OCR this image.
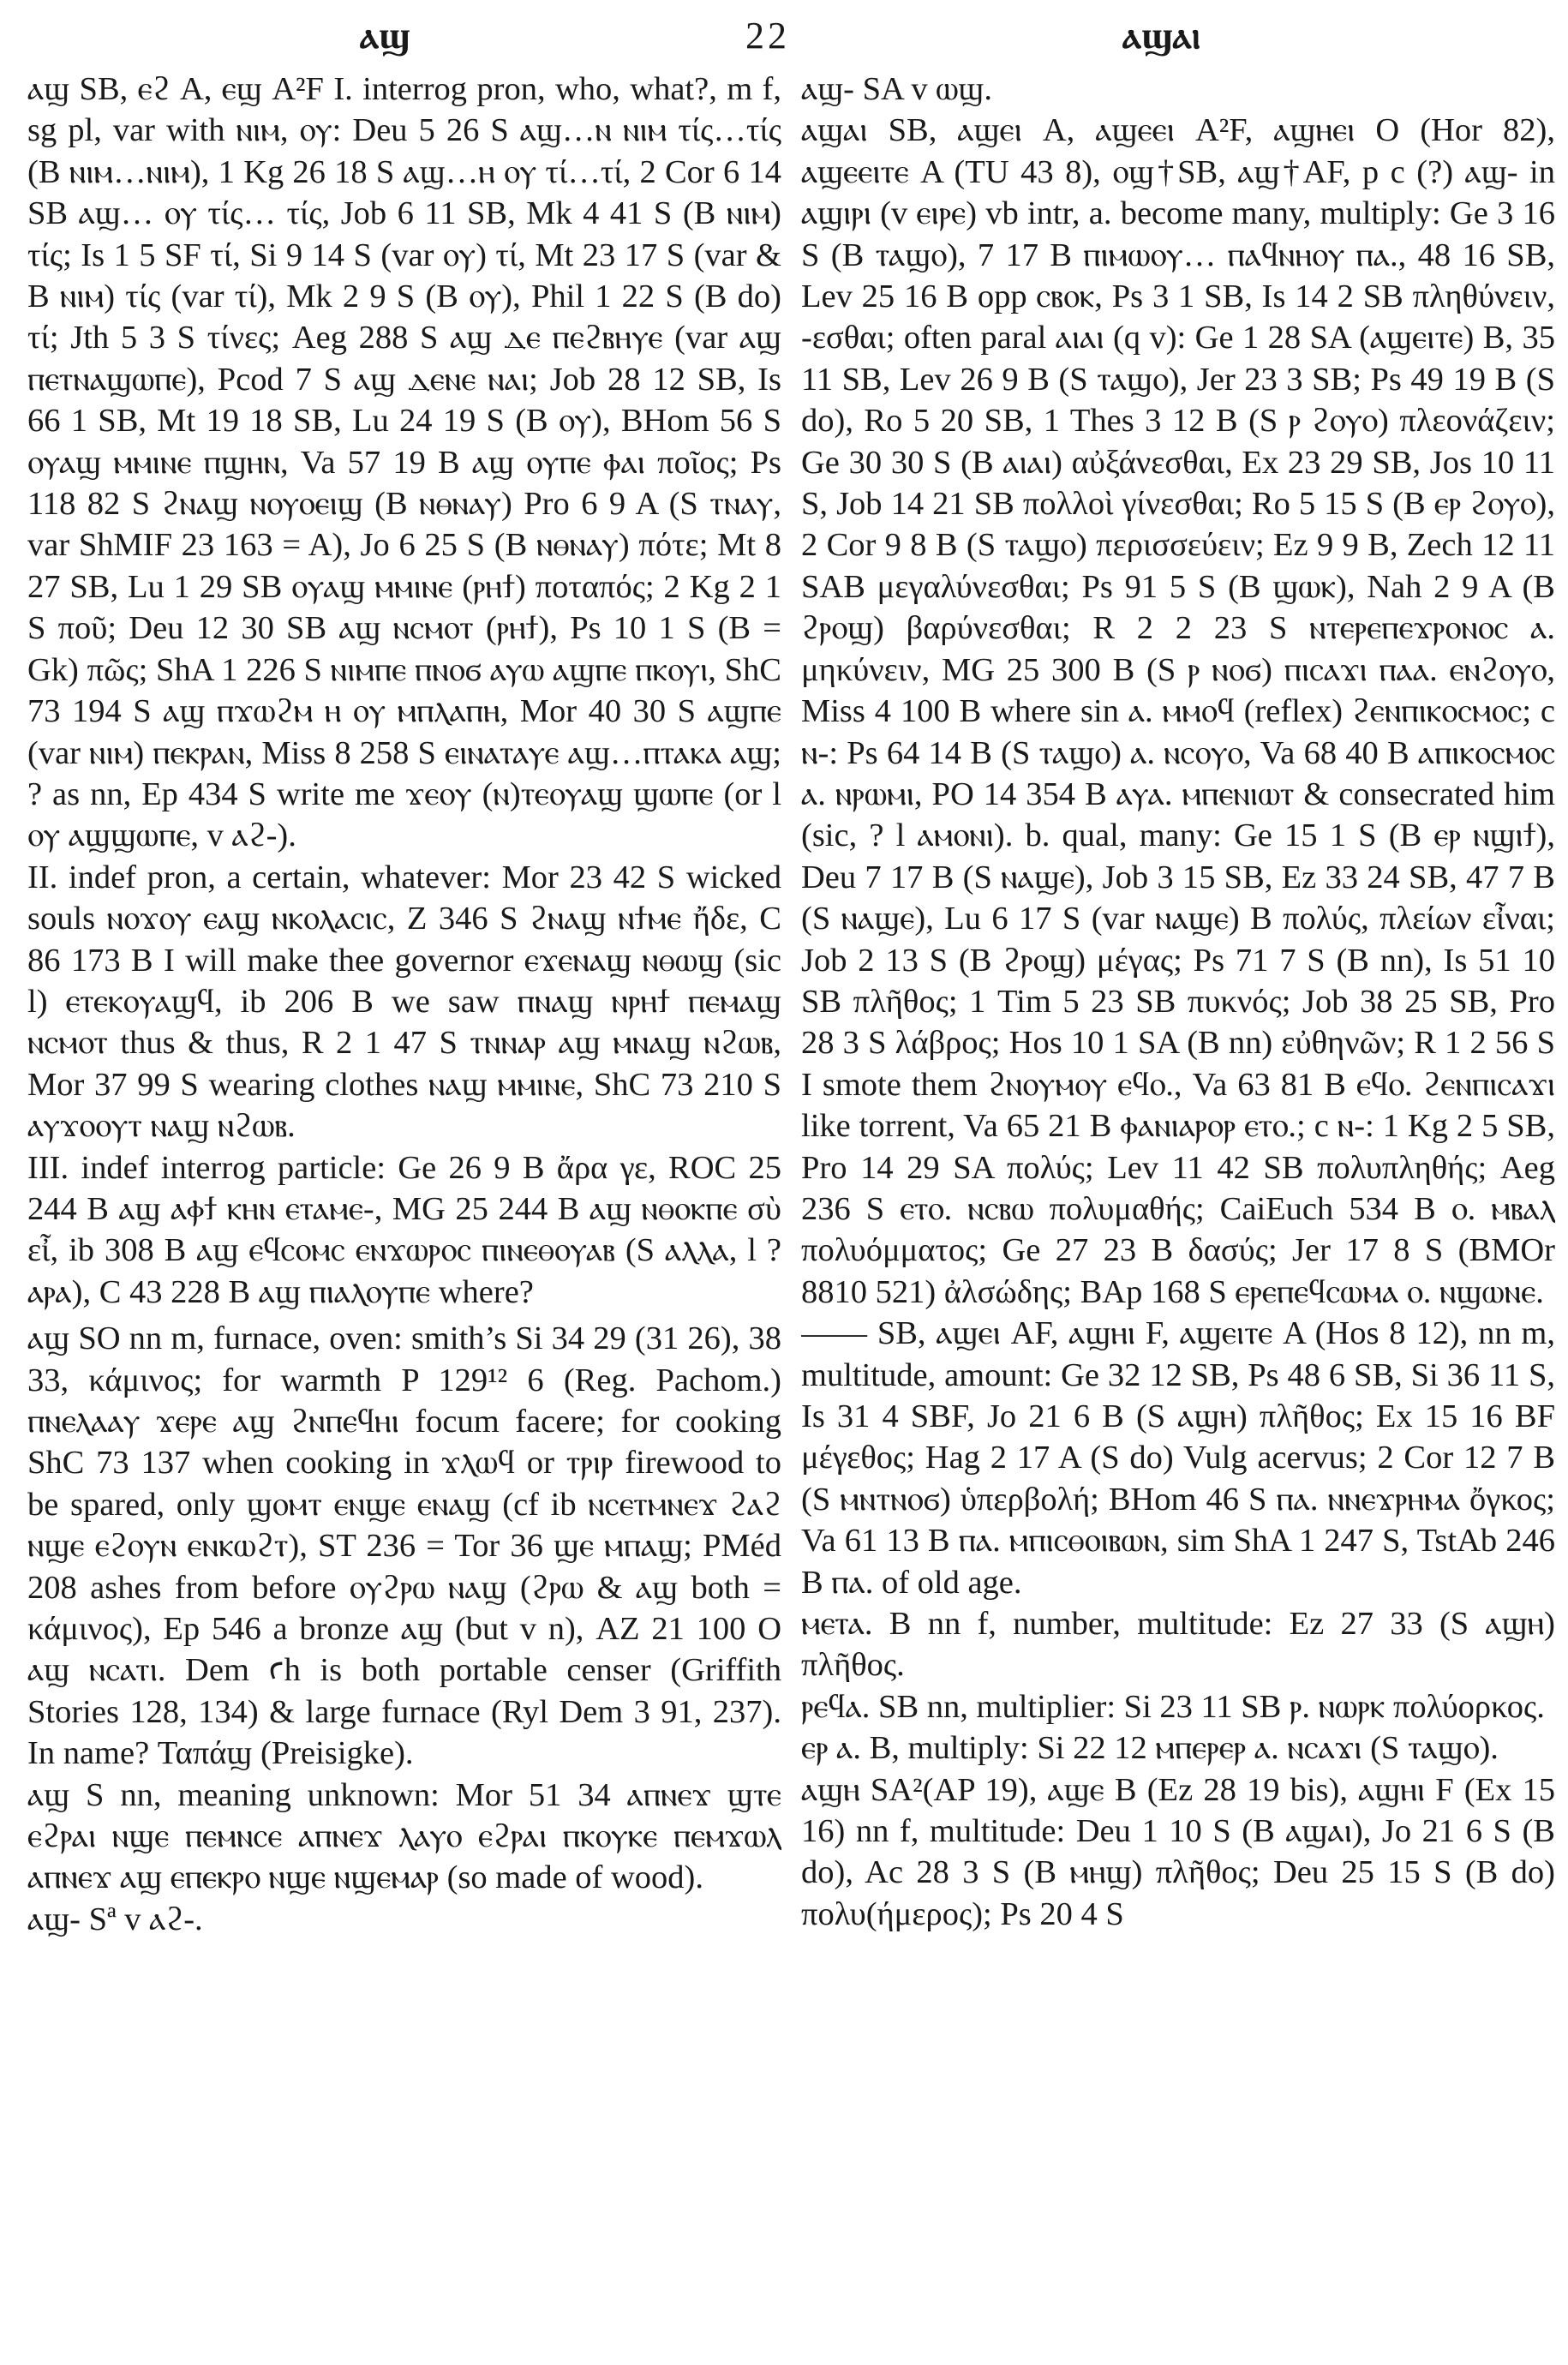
ⲁϣ	22	ⲁϣⲁⲓ

ⲁϣ SB, ⲉϩ A, ⲉϣ A²F I. interrog pron, who, what?, m f, sg pl, var with ⲛⲓⲙ, ⲟⲩ: Deu 5 26 S ⲁϣ…ⲛ ⲛⲓⲙ τίς…τίς (B ⲛⲓⲙ…ⲛⲓⲙ), 1 Kg 26 18 S ⲁϣ…ⲏ ⲟⲩ τί…τί, 2 Cor 6 14 SB ⲁϣ… ⲟⲩ τίς… τίς, Job 6 11 SB, Mk 4 41 S (B ⲛⲓⲙ) τίς; Is 1 5 SF τί, Si 9 14 S (var ⲟⲩ) τί, Mt 23 17 S (var & B ⲛⲓⲙ) τίς (var τί), Mk 2 9 S (B ⲟⲩ), Phil 1 22 S (B do) τί; Jth 5 3 S τίνες; Aeg 288 S ⲁϣ ⲇⲉ ⲡⲉϩⲃⲏⲩⲉ (var ⲁϣ ⲡⲉⲧⲛⲁϣⲱⲡⲉ), Pcod 7 S ⲁϣ ⲇⲉⲛⲉ ⲛⲁⲓ; Job 28 12 SB, Is 66 1 SB, Mt 19 18 SB, Lu 24 19 S (B ⲟⲩ), BHom 56 S ⲟⲩⲁϣ ⲙⲙⲓⲛⲉ ⲡϣⲏⲛ, Va 57 19 B ⲁϣ ⲟⲩⲡⲉ ⲫⲁⲓ ποῖος; Ps 118 82 S ϩⲛⲁϣ ⲛⲟⲩⲟⲉⲓϣ (B ⲛⲑⲛⲁⲩ) Pro 6 9 A (S ⲧⲛⲁⲩ, var ShMIF 23 163 = A), Jo 6 25 S (B ⲛⲑⲛⲁⲩ) πότε; Mt 8 27 SB, Lu 1 29 SB ⲟⲩⲁϣ ⲙⲙⲓⲛⲉ (ⲣⲏϯ) ποταπός; 2 Kg 2 1 S ποῦ; Deu 12 30 SB ⲁϣ ⲛⲥⲙⲟⲧ (ⲣⲏϯ), Ps 10 1 S (B = Gk) πῶς; ShA 1 226 S ⲛⲓⲙⲡⲉ ⲡⲛⲟϭ ⲁⲩⲱ ⲁϣⲡⲉ ⲡⲕⲟⲩⲓ, ShC 73 194 S ⲁϣ ⲡϫⲱϩⲙ ⲏ ⲟⲩ ⲙⲡⲗⲁⲡⲏ, Mor 40 30 S ⲁϣⲡⲉ (var ⲛⲓⲙ) ⲡⲉⲕⲣⲁⲛ, Miss 8 258 S ⲉⲓⲛⲁⲧⲁⲩⲉ ⲁϣ…ⲡⲧⲁⲕⲁ ⲁϣ; ? as nn, Ep 434 S write me ϫⲉⲟⲩ (ⲛ)ⲧⲉⲟⲩⲁϣ ϣⲱⲡⲉ (or l ⲟⲩ ⲁϣϣⲱⲡⲉ, v ⲁϩ-).

II. indef pron, a certain, whatever: Mor 23 42 S wicked souls ⲛⲟϫⲟⲩ ⲉⲁϣ ⲛⲕⲟⲗⲁⲥⲓⲥ, Z 346 S ϩⲛⲁϣ ⲛϯⲙⲉ ἤδε, C 86 173 B I will make thee governor ⲉϫⲉⲛⲁϣ ⲛⲑⲱϣ (sic l) ⲉⲧⲉⲕⲟⲩⲁϣϥ, ib 206 B we saw ⲡⲛⲁϣ ⲛⲣⲏϯ ⲡⲉⲙⲁϣ ⲛⲥⲙⲟⲧ thus & thus, R 2 1 47 S ⲧⲛⲛⲁⲣ ⲁϣ ⲙⲛⲁϣ ⲛϩⲱⲃ, Mor 37 99 S wearing clothes ⲛⲁϣ ⲙⲙⲓⲛⲉ, ShC 73 210 S ⲁⲩϫⲟⲟⲩⲧ ⲛⲁϣ ⲛϩⲱⲃ.

III. indef interrog particle: Ge 26 9 B ἄρα γε, ROC 25 244 B ⲁϣ ⲁⲫϯ ⲕⲏⲛ ⲉⲧⲁⲙⲉ-, MG 25 244 B ⲁϣ ⲛⲑⲟⲕⲡⲉ σὺ εἶ, ib 308 B ⲁϣ ⲉϥⲥⲟⲙⲥ ⲉⲛϫⲱⲣⲟⲥ ⲡⲓⲛⲉⲑⲟⲩⲁⲃ (S ⲁⲗⲗⲁ, l ? ⲁⲣⲁ), C 43 228 B ⲁϣ ⲡⲓⲁⲗⲟⲩⲡⲉ where?

ⲁϣ SO nn m, furnace, oven: smith’s Si 34 29 (31 26), 38 33, κάμινος; for warmth P 129¹² 6 (Reg. Pachom.) ⲡⲛⲉⲗⲁⲁⲩ ϫⲉⲣⲉ ⲁϣ ϩⲛⲡⲉϥⲏⲓ focum facere; for cooking ShC 73 137 when cooking in ϫⲗⲱϥ or ⲧⲣⲓⲣ firewood to be spared, only ϣⲟⲙⲧ ⲉⲛϣⲉ ⲉⲛⲁϣ (cf ib ⲛⲥⲉⲧⲙⲛⲉϫ ϩⲁϩ ⲛϣⲉ ⲉϩⲟⲩⲛ ⲉⲛⲕⲱϩⲧ), ST 236 = Tor 36 ϣⲉ ⲙⲡⲁϣ; PMéd 208 ashes from before ⲟⲩϩⲣⲱ ⲛⲁϣ (ϩⲣⲱ & ⲁϣ both = κάμινος), Ep 546 a bronze ⲁϣ (but v n), AZ 21 100 O ⲁϣ ⲛⲥⲁⲧⲓ. Dem ꜥh is both portable censer (Griffith Stories 128, 134) & large furnace (Ryl Dem 3 91, 237). In name? Ταπάϣ (Preisigke).

ⲁϣ S nn, meaning unknown: Mor 51 34 ⲁⲡⲛⲉϫ ϣⲧⲉ ⲉϩⲣⲁⲓ ⲛϣⲉ ⲡⲉⲙⲛⲥⲉ ⲁⲡⲛⲉϫ ⲗⲁⲩⲟ ⲉϩⲣⲁⲓ ⲡⲕⲟⲩⲕⲉ ⲡⲉⲙϫⲱⲗ ⲁⲡⲛⲉϫ ⲁϣ ⲉⲡⲉⲕⲣⲟ ⲛϣⲉ ⲛϣⲉⲙⲁⲣ (so made of wood).

ⲁϣ- Sª v ⲁϩ-.

ⲁϣ- SA v ⲱϣ.

ⲁϣⲁⲓ SB, ⲁϣⲉⲓ A, ⲁϣⲉⲉⲓ A²F, ⲁϣⲏⲉⲓ O (Hor 82), ⲁϣⲉⲉⲓⲧⲉ A (TU 43 8), ⲟϣ†SB, ⲁϣ†AF, p c (?) ⲁϣ- in ⲁϣⲓⲣⲓ (v ⲉⲓⲣⲉ) vb intr, a. become many, multiply: Ge 3 16 S (B ⲧⲁϣⲟ), 7 17 B ⲡⲓⲙⲱⲟⲩ… ⲡⲁϥⲛⲏⲟⲩ ⲡⲁ., 48 16 SB, Lev 25 16 B opp ⲥⲃⲟⲕ, Ps 3 1 SB, Is 14 2 SB πληθύνειν, -εσθαι; often paral ⲁⲓⲁⲓ (q v): Ge 1 28 SA (ⲁϣⲉⲓⲧⲉ) B, 35 11 SB, Lev 26 9 B (S ⲧⲁϣⲟ), Jer 23 3 SB; Ps 49 19 B (S do), Ro 5 20 SB, 1 Thes 3 12 B (S ⲣ ϩⲟⲩⲟ) πλεονάζειν; Ge 30 30 S (B ⲁⲓⲁⲓ) αὐξάνεσθαι, Ex 23 29 SB, Jos 10 11 S, Job 14 21 SB πολλοὶ γίνεσθαι; Ro 5 15 S (B ⲉⲣ ϩⲟⲩⲟ), 2 Cor 9 8 B (S ⲧⲁϣⲟ) περισσεύειν; Ez 9 9 B, Zech 12 11 SAB μεγαλύνεσθαι; Ps 91 5 S (B ϣⲱⲕ), Nah 2 9 A (B ϩⲣⲟϣ) βαρύνεσθαι; R 2 2 23 S ⲛⲧⲉⲣⲉⲡⲉϫⲣⲟⲛⲟⲥ ⲁ. μηκύνειν, MG 25 300 B (S ⲣ ⲛⲟϭ) ⲡⲓⲥⲁϫⲓ ⲡⲁⲁ. ⲉⲛϩⲟⲩⲟ, Miss 4 100 B where sin ⲁ. ⲙⲙⲟϥ (reflex) ϩⲉⲛⲡⲓⲕⲟⲥⲙⲟⲥ; c ⲛ-: Ps 64 14 B (S ⲧⲁϣⲟ) ⲁ. ⲛⲥⲟⲩⲟ, Va 68 40 B ⲁⲡⲓⲕⲟⲥⲙⲟⲥ ⲁ. ⲛⲣⲱⲙⲓ, PO 14 354 B ⲁⲩⲁ. ⲙⲡⲉⲛⲓⲱⲧ & consecrated him (sic, ? l ⲁⲙⲟⲛⲓ). b. qual, many: Ge 15 1 S (B ⲉⲣ ⲛϣⲓϯ), Deu 7 17 B (S ⲛⲁϣⲉ), Job 3 15 SB, Ez 33 24 SB, 47 7 B (S ⲛⲁϣⲉ), Lu 6 17 S (var ⲛⲁϣⲉ) B πολύς, πλείων εἶναι; Job 2 13 S (B ϩⲣⲟϣ) μέγας; Ps 71 7 S (B nn), Is 51 10 SB πλῆθος; 1 Tim 5 23 SB πυκνός; Job 38 25 SB, Pro 28 3 S λάβρος; Hos 10 1 SA (B nn) εὐθηνῶν; R 1 2 56 S I smote them ϩⲛⲟⲩⲙⲟⲩ ⲉϥⲟ., Va 63 81 B ⲉϥⲟ. ϩⲉⲛⲡⲓⲥⲁϫⲓ like torrent, Va 65 21 B ⲫⲁⲛⲓⲁⲣⲟⲣ ⲉⲧⲟ.; c ⲛ-: 1 Kg 2 5 SB, Pro 14 29 SA πολύς; Lev 11 42 SB πολυπληθής; Aeg 236 S ⲉⲧⲟ. ⲛⲥⲃⲱ πολυμαθής; CaiEuch 534 B ⲟ. ⲙⲃⲁⲗ πολυόμματος; Ge 27 23 B δασύς; Jer 17 8 S (BMOr 8810 521) ἀλσώδης; BAp 168 S ⲉⲣⲉⲡⲉϥⲥⲱⲙⲁ ⲟ. ⲛϣⲱⲛⲉ.

—— SB, ⲁϣⲉⲓ AF, ⲁϣⲏⲓ F, ⲁϣⲉⲓⲧⲉ A (Hos 8 12), nn m, multitude, amount: Ge 32 12 SB, Ps 48 6 SB, Si 36 11 S, Is 31 4 SBF, Jo 21 6 B (S ⲁϣⲏ) πλῆθος; Ex 15 16 BF μέγεθος; Hag 2 17 A (S do) Vulg acervus; 2 Cor 12 7 B (S ⲙⲛⲧⲛⲟϭ) ὑπερβολή; BHom 46 S ⲡⲁ. ⲛⲛⲉϫⲣⲏⲙⲁ ὄγκος; Va 61 13 B ⲡⲁ. ⲙⲡⲓⲥⲑⲟⲓⲃⲱⲛ, sim ShA 1 247 S, TstAb 246 B ⲡⲁ. of old age.

ⲙⲉⲧⲁ. B nn f, number, multitude: Ez 27 33 (S ⲁϣⲏ) πλῆθος.

ⲣⲉϥⲁ. SB nn, multiplier: Si 23 11 SB ⲣ. ⲛⲱⲣⲕ πολύορκος.

ⲉⲣ ⲁ. B, multiply: Si 22 12 ⲙⲡⲉⲣⲉⲣ ⲁ. ⲛⲥⲁϫⲓ (S ⲧⲁϣⲟ).

ⲁϣⲏ SA²(AP 19), ⲁϣⲉ B (Ez 28 19 bis), ⲁϣⲏⲓ F (Ex 15 16) nn f, multitude: Deu 1 10 S (B ⲁϣⲁⲓ), Jo 21 6 S (B do), Ac 28 3 S (B ⲙⲏϣ) πλῆθος; Deu 25 15 S (B do) πολυ(ήμερος); Ps 20 4 S
